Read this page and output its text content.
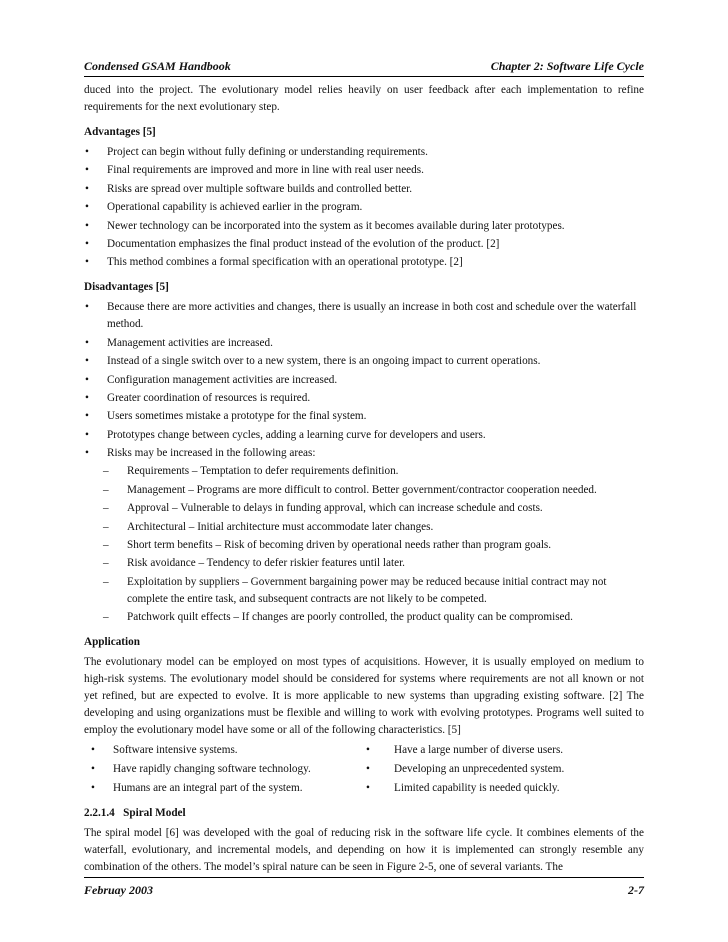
Condensed GSAM Handbook	Chapter 2: Software Life Cycle

duced into the project. The evolutionary model relies heavily on user feedback after each implementation to refine requirements for the next evolutionary step.

Advantages [5]
• Project can begin without fully defining or understanding requirements.
• Final requirements are improved and more in line with real user needs.
• Risks are spread over multiple software builds and controlled better.
• Operational capability is achieved earlier in the program.
• Newer technology can be incorporated into the system as it becomes available during later prototypes.
• Documentation emphasizes the final product instead of the evolution of the product. [2]
• This method combines a formal specification with an operational prototype. [2]
Disadvantages [5]
• Because there are more activities and changes, there is usually an increase in both cost and schedule over the waterfall method.
• Management activities are increased.
• Instead of a single switch over to a new system, there is an ongoing impact to current operations.
• Configuration management activities are increased.
• Greater coordination of resources is required.
• Users sometimes mistake a prototype for the final system.
• Prototypes change between cycles, adding a learning curve for developers and users.
• Risks may be increased in the following areas:
– Requirements – Temptation to defer requirements definition.
– Management – Programs are more difficult to control. Better government/contractor cooperation needed.
– Approval – Vulnerable to delays in funding approval, which can increase schedule and costs.
– Architectural – Initial architecture must accommodate later changes.
– Short term benefits – Risk of becoming driven by operational needs rather than program goals.
– Risk avoidance – Tendency to defer riskier features until later.
– Exploitation by suppliers – Government bargaining power may be reduced because initial contract may not complete the entire task, and subsequent contracts are not likely to be competed.
– Patchwork quilt effects – If changes are poorly controlled, the product quality can be compromised.
Application

The evolutionary model can be employed on most types of acquisitions. However, it is usually employed on medium to high-risk systems. The evolutionary model should be considered for systems where requirements are not all known or not yet refined, but are expected to evolve. It is more applicable to new systems than upgrading existing software. [2] The developing and using organizations must be flexible and willing to work with evolving prototypes. Programs well suited to employ the evolutionary model have some or all of the following characteristics. [5]

• Software intensive systems.	• Have a large number of diverse users.
• Have rapidly changing software technology.	• Developing an unprecedented system.
• Humans are an integral part of the system.	• Limited capability is needed quickly.
2.2.1.4   Spiral Model

The spiral model [6] was developed with the goal of reducing risk in the software life cycle. It combines elements of the waterfall, evolutionary, and incremental models, and depending on how it is implemented can strongly resemble any combination of the others. The model’s spiral nature can be seen in Figure 2-5, one of several variants. The

Februay 2003	2-7
